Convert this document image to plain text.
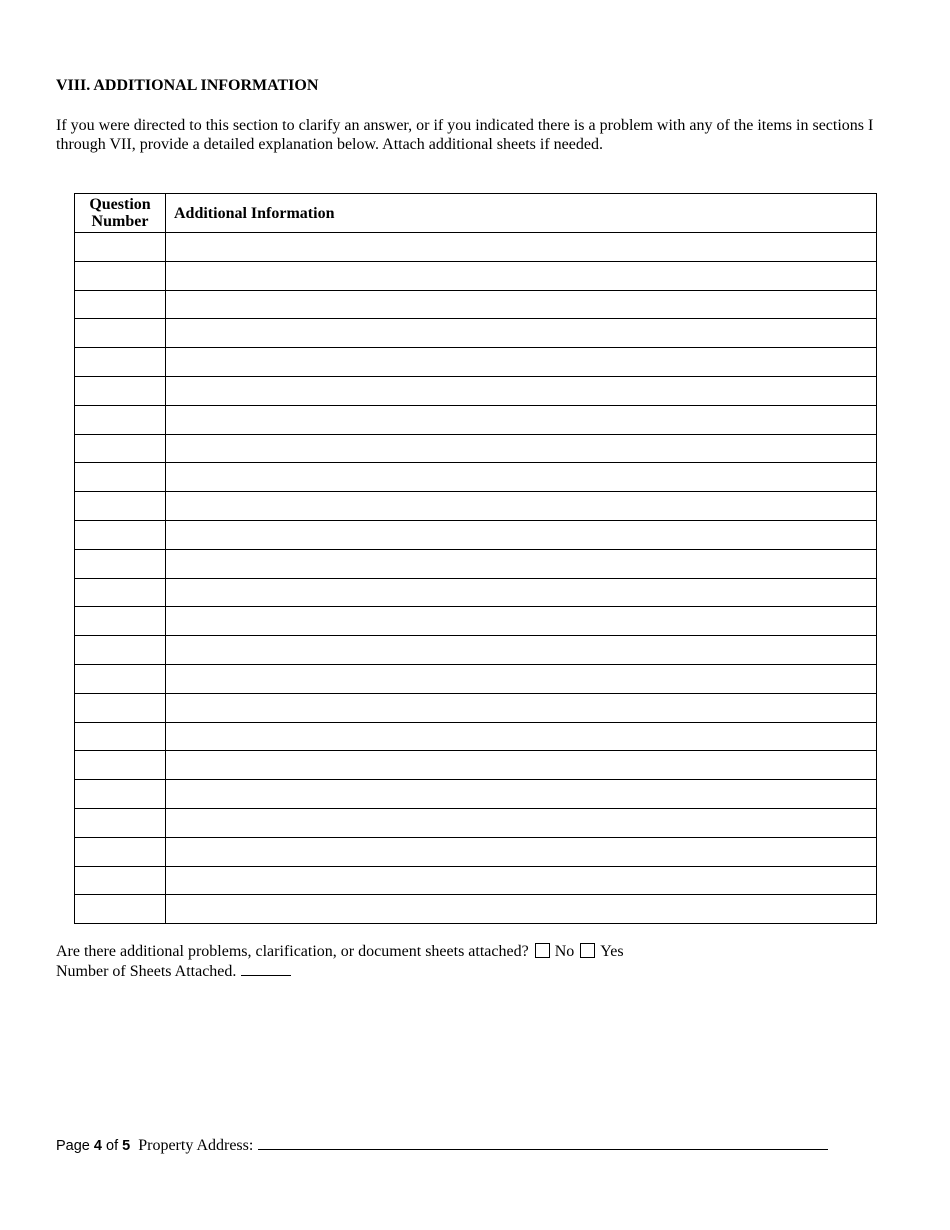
VIII. ADDITIONAL INFORMATION

If you were directed to this section to clarify an answer, or if you indicated there is a problem with any of the items in sections I through VII, provide a detailed explanation below. Attach additional sheets if needed.

Question
Number	Additional Information

Are there additional problems, clarification, or document sheets attached? No Yes

Number of Sheets Attached.

Page 4 of 5 Property Address:
